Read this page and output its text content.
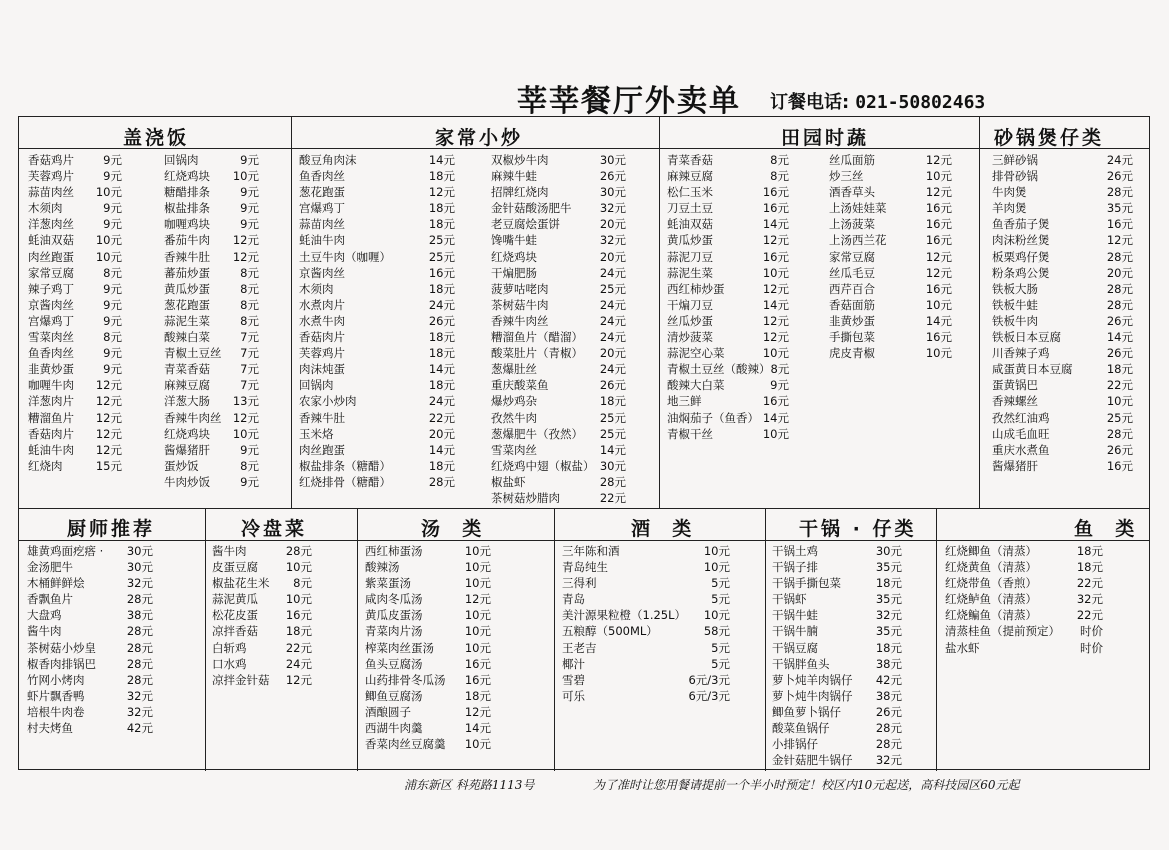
莘莘餐厅外卖单 订餐电话: 021-50802463
盖浇饭	家常小炒	田园时蔬	砂锅煲仔类
厨师推荐	冷盘菜	汤  类	酒  类	干锅 · 仔类	鱼  类
香菇鸡片	9元
芙蓉鸡片	9元
蒜苗肉丝 10元
木须肉	9元
洋葱肉丝	9元
蚝油双菇 10元
肉丝跑蛋 10元
家常豆腐	8元
辣子鸡丁	9元
京酱肉丝	9元
宫爆鸡丁	9元
雪菜肉丝	8元
鱼香肉丝	9元
韭黄炒蛋	9元
咖喱牛肉 12元
洋葱肉片 12元
糟溜鱼片 12元
香菇肉片 12元
蚝油牛肉 12元
红烧肉	15元
回锅肉	9元
红烧鸡块 10元
糖醋排条	9元
椒盐排条	9元
咖喱鸡块	9元
番茄牛肉 12元
香辣牛肚 12元
蕃茄炒蛋	8元
黄瓜炒蛋	8元
葱花跑蛋	8元
蒜泥生菜	8元
酸辣白菜	7元
青椒土豆丝 7元
青菜香菇	7元
麻辣豆腐	7元
洋葱大肠 13元
香辣牛肉丝 12元
红烧鸡块 10元
酱爆猪肝	9元
蛋炒饭	8元
牛肉炒饭	9元
酸豆角肉沫	14元
鱼香肉丝	18元
葱花跑蛋	12元
宫爆鸡丁	18元
蒜苗肉丝	18元
蚝油牛肉	25元
土豆牛肉（咖喱）	25元
京酱肉丝	16元
木须肉	18元
水煮肉片	24元
水煮牛肉	26元
香菇肉片	18元
芙蓉鸡片	18元
肉沫炖蛋	14元
回锅肉	18元
农家小炒肉	24元
香辣牛肚	22元
玉米烙	20元
肉丝跑蛋	14元
椒盐排条（糖醋）	18元
红烧排骨（糖醋）	28元
双椒炒牛肉	30元
麻辣牛蛙	26元
招牌红烧肉	30元
金针菇酸汤肥牛 32元
老豆腐烩蛋饼	20元
馋嘴牛蛙	32元
红烧鸡块	20元
干煸肥肠	24元
菠萝咕咾肉	25元
茶树菇牛肉	24元
香辣牛肉丝	24元
糟溜鱼片（醋溜） 24元
酸菜肚片（青椒） 20元
葱爆肚丝	24元
重庆酸菜鱼	26元
爆炒鸡杂	18元
孜然牛肉	25元
葱爆肥牛（孜然） 25元
雪菜肉丝	14元
红烧鸡中翅（椒盐） 30元
椒盐虾	28元
茶树菇炒腊肉	22元
青菜香菇	8元
麻辣豆腐	8元
松仁玉米	16元
刀豆土豆	16元
蚝油双菇	14元
黄瓜炒蛋	12元
蒜泥刀豆	16元
蒜泥生菜	10元
西红柿炒蛋	12元
干煸刀豆	14元
丝瓜炒蛋	12元
清炒菠菜	12元
蒜泥空心菜	10元
青椒土豆丝（酸辣） 8元
酸辣大白菜	9元
地三鲜	16元
油焖茄子（鱼香） 14元
青椒干丝	10元
丝瓜面筋	12元
炒三丝	10元
酒香草头	12元
上汤娃娃菜	16元
上汤菠菜	16元
上汤西兰花	16元
家常豆腐	12元
丝瓜毛豆	12元
西芹百合	16元
香菇面筋	10元
韭黄炒蛋	14元
手撕包菜	16元
虎皮青椒	10元
三鲜砂锅	24元
排骨砂锅	26元
牛肉煲	28元
羊肉煲	35元
鱼香茄子煲	16元
肉沫粉丝煲	12元
板栗鸡仔煲	28元
粉条鸡公煲	20元
铁板大肠	28元
铁板牛蛙	28元
铁板牛肉	26元
铁板日本豆腐	14元
川香辣子鸡	26元
咸蛋黄日本豆腐	18元
蛋黄锅巴	22元
香辣螺丝	10元
孜然红油鸡	25元
山成毛血旺	28元
重庆水煮鱼	26元
酱爆猪肝	16元
雄黄鸡面疙瘩 · 30元
金汤肥牛	30元
木桶鲜鲜烩	32元
香飘鱼片	28元
大盘鸡	38元
酱牛肉	28元
茶树菇小炒皇	28元
椒香肉排锅巴	28元
竹网小烤肉	28元
虾片飘香鸭	32元
培根牛肉卷	32元
村夫烤鱼	42元
酱牛肉	28元
皮蛋豆腐 10元
椒盐花生米 8元
蒜泥黄瓜 10元
松花皮蛋 16元
凉拌香菇 18元
白斩鸡	22元
口水鸡	24元
凉拌金针菇 12元
西红柿蛋汤	10元
酸辣汤	10元
紫菜蛋汤	10元
咸肉冬瓜汤	12元
黄瓜皮蛋汤	10元
青菜肉片汤	10元
榨菜肉丝蛋汤	10元
鱼头豆腐汤	16元
山药排骨冬瓜汤 16元
鲫鱼豆腐汤	18元
酒酿圆子	12元
西湖牛肉羹	14元
香菜肉丝豆腐羹 10元
三年陈和酒	10元
青岛纯生	10元
三得利	5元
青岛	5元
美汁源果粒橙（1.25L） 10元
五粮醇（500ML）	58元
王老吉	5元
椰汁	5元
雪碧	6元/3元
可乐	6元/3元
干锅土鸡	30元
干锅子排	35元
干锅手撕包菜	18元
干锅虾	35元
干锅牛蛙	32元
干锅牛腩	35元
干锅豆腐	18元
干锅胖鱼头	38元
萝卜炖羊肉锅仔 42元
萝卜炖牛肉锅仔 38元
鲫鱼萝卜锅仔	26元
酸菜鱼锅仔	28元
小排锅仔	28元
金针菇肥牛锅仔 32元
红烧鲫鱼（清蒸）	18元
红烧黄鱼（清蒸）	18元
红烧带鱼（香煎）	22元
红烧鲈鱼（清蒸）	32元
红烧鳊鱼（清蒸）	22元
清蒸桂鱼（提前预定） 时价
盐水虾	时价
浦东新区 科苑路1113号	为了准时让您用餐请提前一个半小时预定！校区内10元起送，高科技园区60元起
